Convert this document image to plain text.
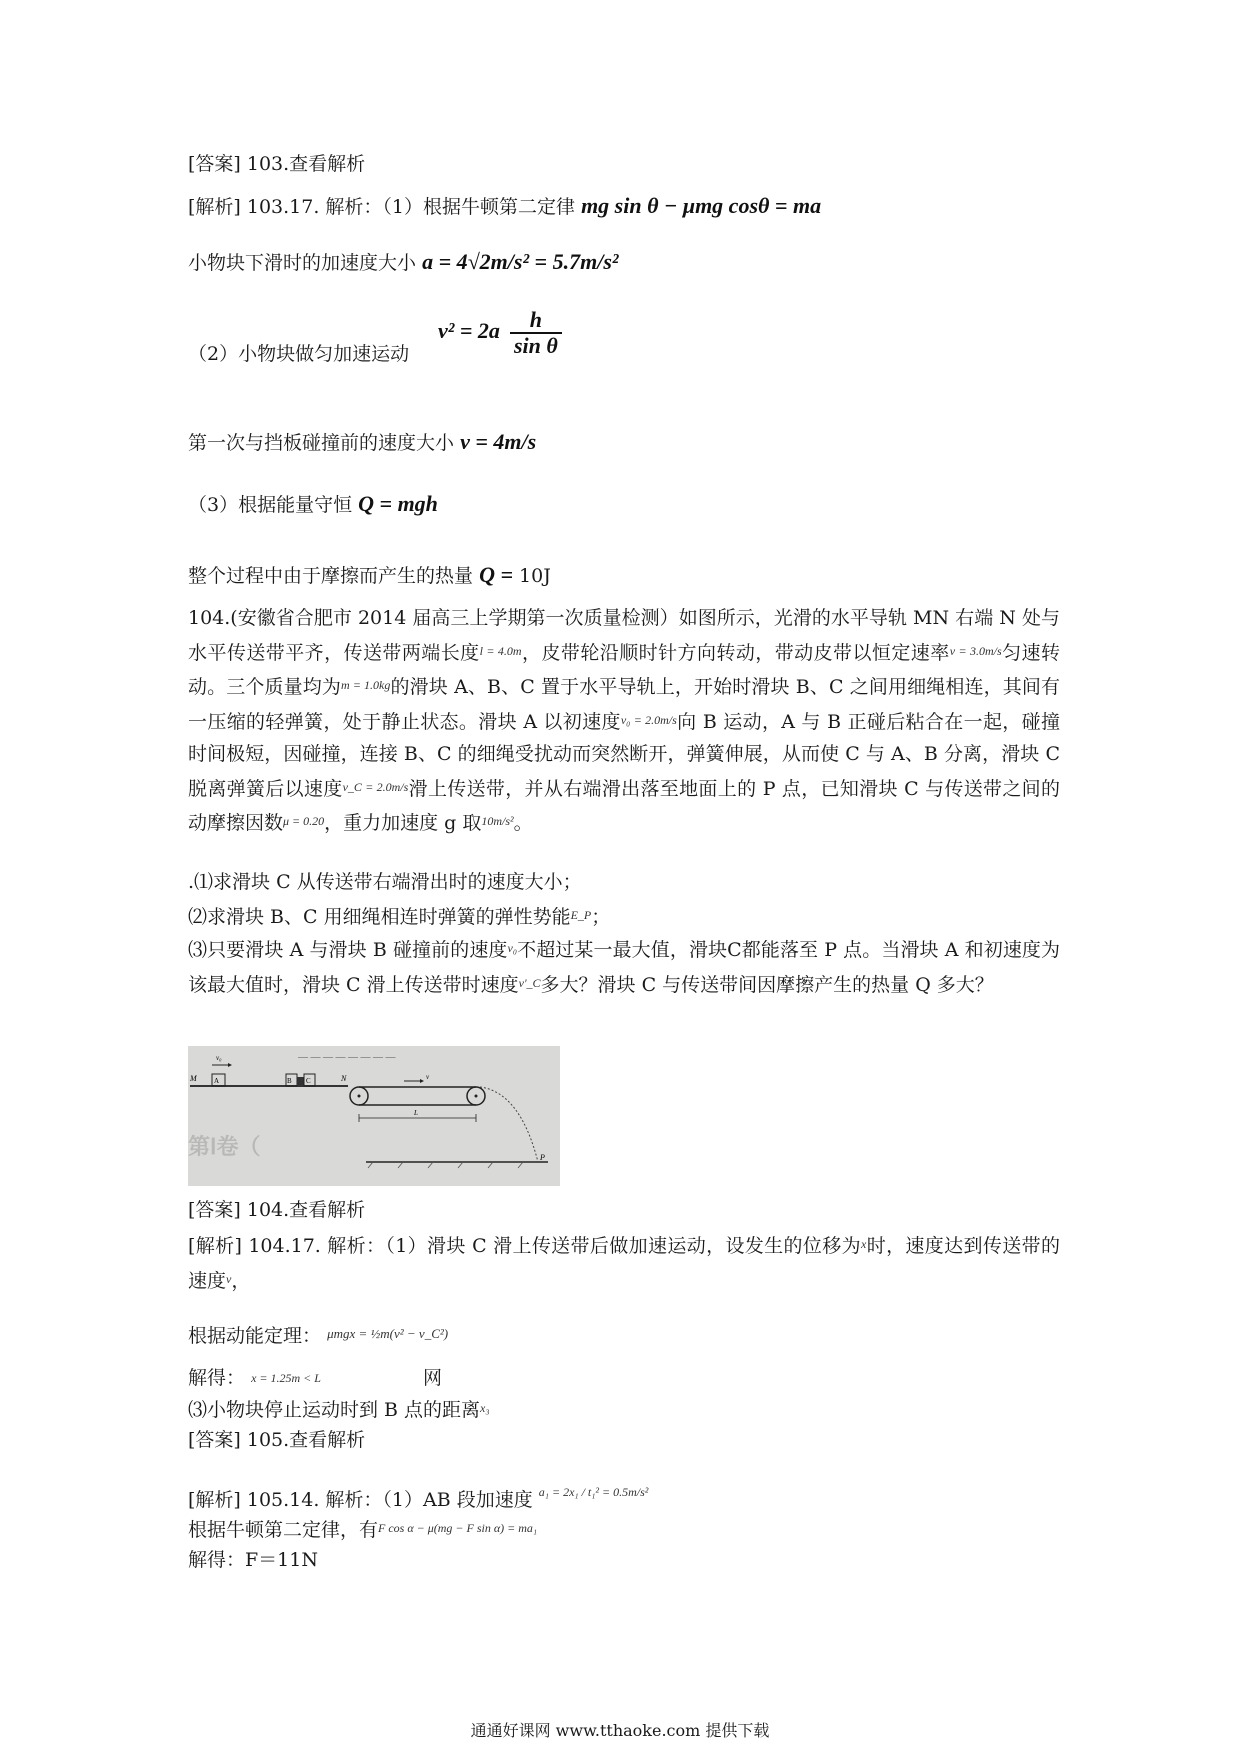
[答案] 103.查看解析
[解析] 103.17. 解析：（1）根据牛顿第二定律 mg sin θ − μmg cosθ = ma
小物块下滑时的加速度大小 a = 4√2m/s² = 5.7m/s²
（2）小物块做匀加速运动
$v^2 = 2a \frac{h}{\text{sin θ}}$
第一次与挡板碰撞前的速度大小 v = 4m/s
（3）根据能量守恒 Q = mgh
整个过程中由于摩擦而产生的热量 Q = 10J
104.(安徽省合肥市 2014 届高三上学期第一次质量检测）如图所示，光滑的水平导轨 MN 右端 N 处与水平传送带平齐，传送带两端长度$^{l = 4.0m}$，皮带轮沿顺时针方向转动，带动皮带以恒定速率$^{v = 3.0m/s}$匀速转动。三个质量均为$^{m = 1.0kg}$的滑块 A、B、C 置于水平导轨上，开始时滑块 B、C 之间用细绳相连，其间有一压缩的轻弹簧，处于静止状态。滑块 A 以初速度$^{v_0 = 2.0m/s}$向 B 运动，A 与 B 正碰后粘合在一起，碰撞时间极短，因碰撞，连接 B、C 的细绳受扰动而突然断开，弹簧伸展，从而使 C 与 A、B 分离，滑块 C 脱离弹簧后以速度$^{v\_C = 2.0m/s}$滑上传送带，并从右端滑出落至地面上的 P 点，已知滑块 C 与传送带之间的动摩擦因数$^{\mu = 0.20}$，重力加速度 g 取$^{10m/s^2}$。
.⑴求滑块 C 从传送带右端滑出时的速度大小；
⑵求滑块 B、C 用细绳相连时弹簧的弹性势能$^{E\_P}$；
⑶只要滑块 A 与滑块 B 碰撞前的速度$^{v_0}$不超过某一最大值，滑块C都能落至 P 点。当滑块 A 和初速度为该最大值时，滑块 C 滑上传送带时速度$^{v'\_C}$多大？滑块 C 与传送带间因摩擦产生的热量 Q 多大？
— — — — — — — —
第Ⅰ卷（
M A
v₀
B C	N	v
L
P
[答案] 104.查看解析
[解析] 104.17. 解析：（1）滑块 C 滑上传送带后做加速运动，设发生的位移为$^x$时，速度达到传送带的速度$^v$，
根据动能定理： $^{\mu mgx = \frac{1}{2}m(v^2 - v\_C^2)}$
解得： x = 1.25m < L	网
⑶小物块停止运动时到 B 点的距离$^{x_3}$
[答案] 105.查看解析
[解析] 105.14. 解析：（1）AB 段加速度 $^{a_1 = 2x_1 / t_1^2 = 0.5m/s^2}$
根据牛顿第二定律，有$^{F cos \alpha - \mu(mg - F sin \alpha) = ma_1}$
解得：F＝11N
通通好课网 www.tthaoke.com 提供下载
